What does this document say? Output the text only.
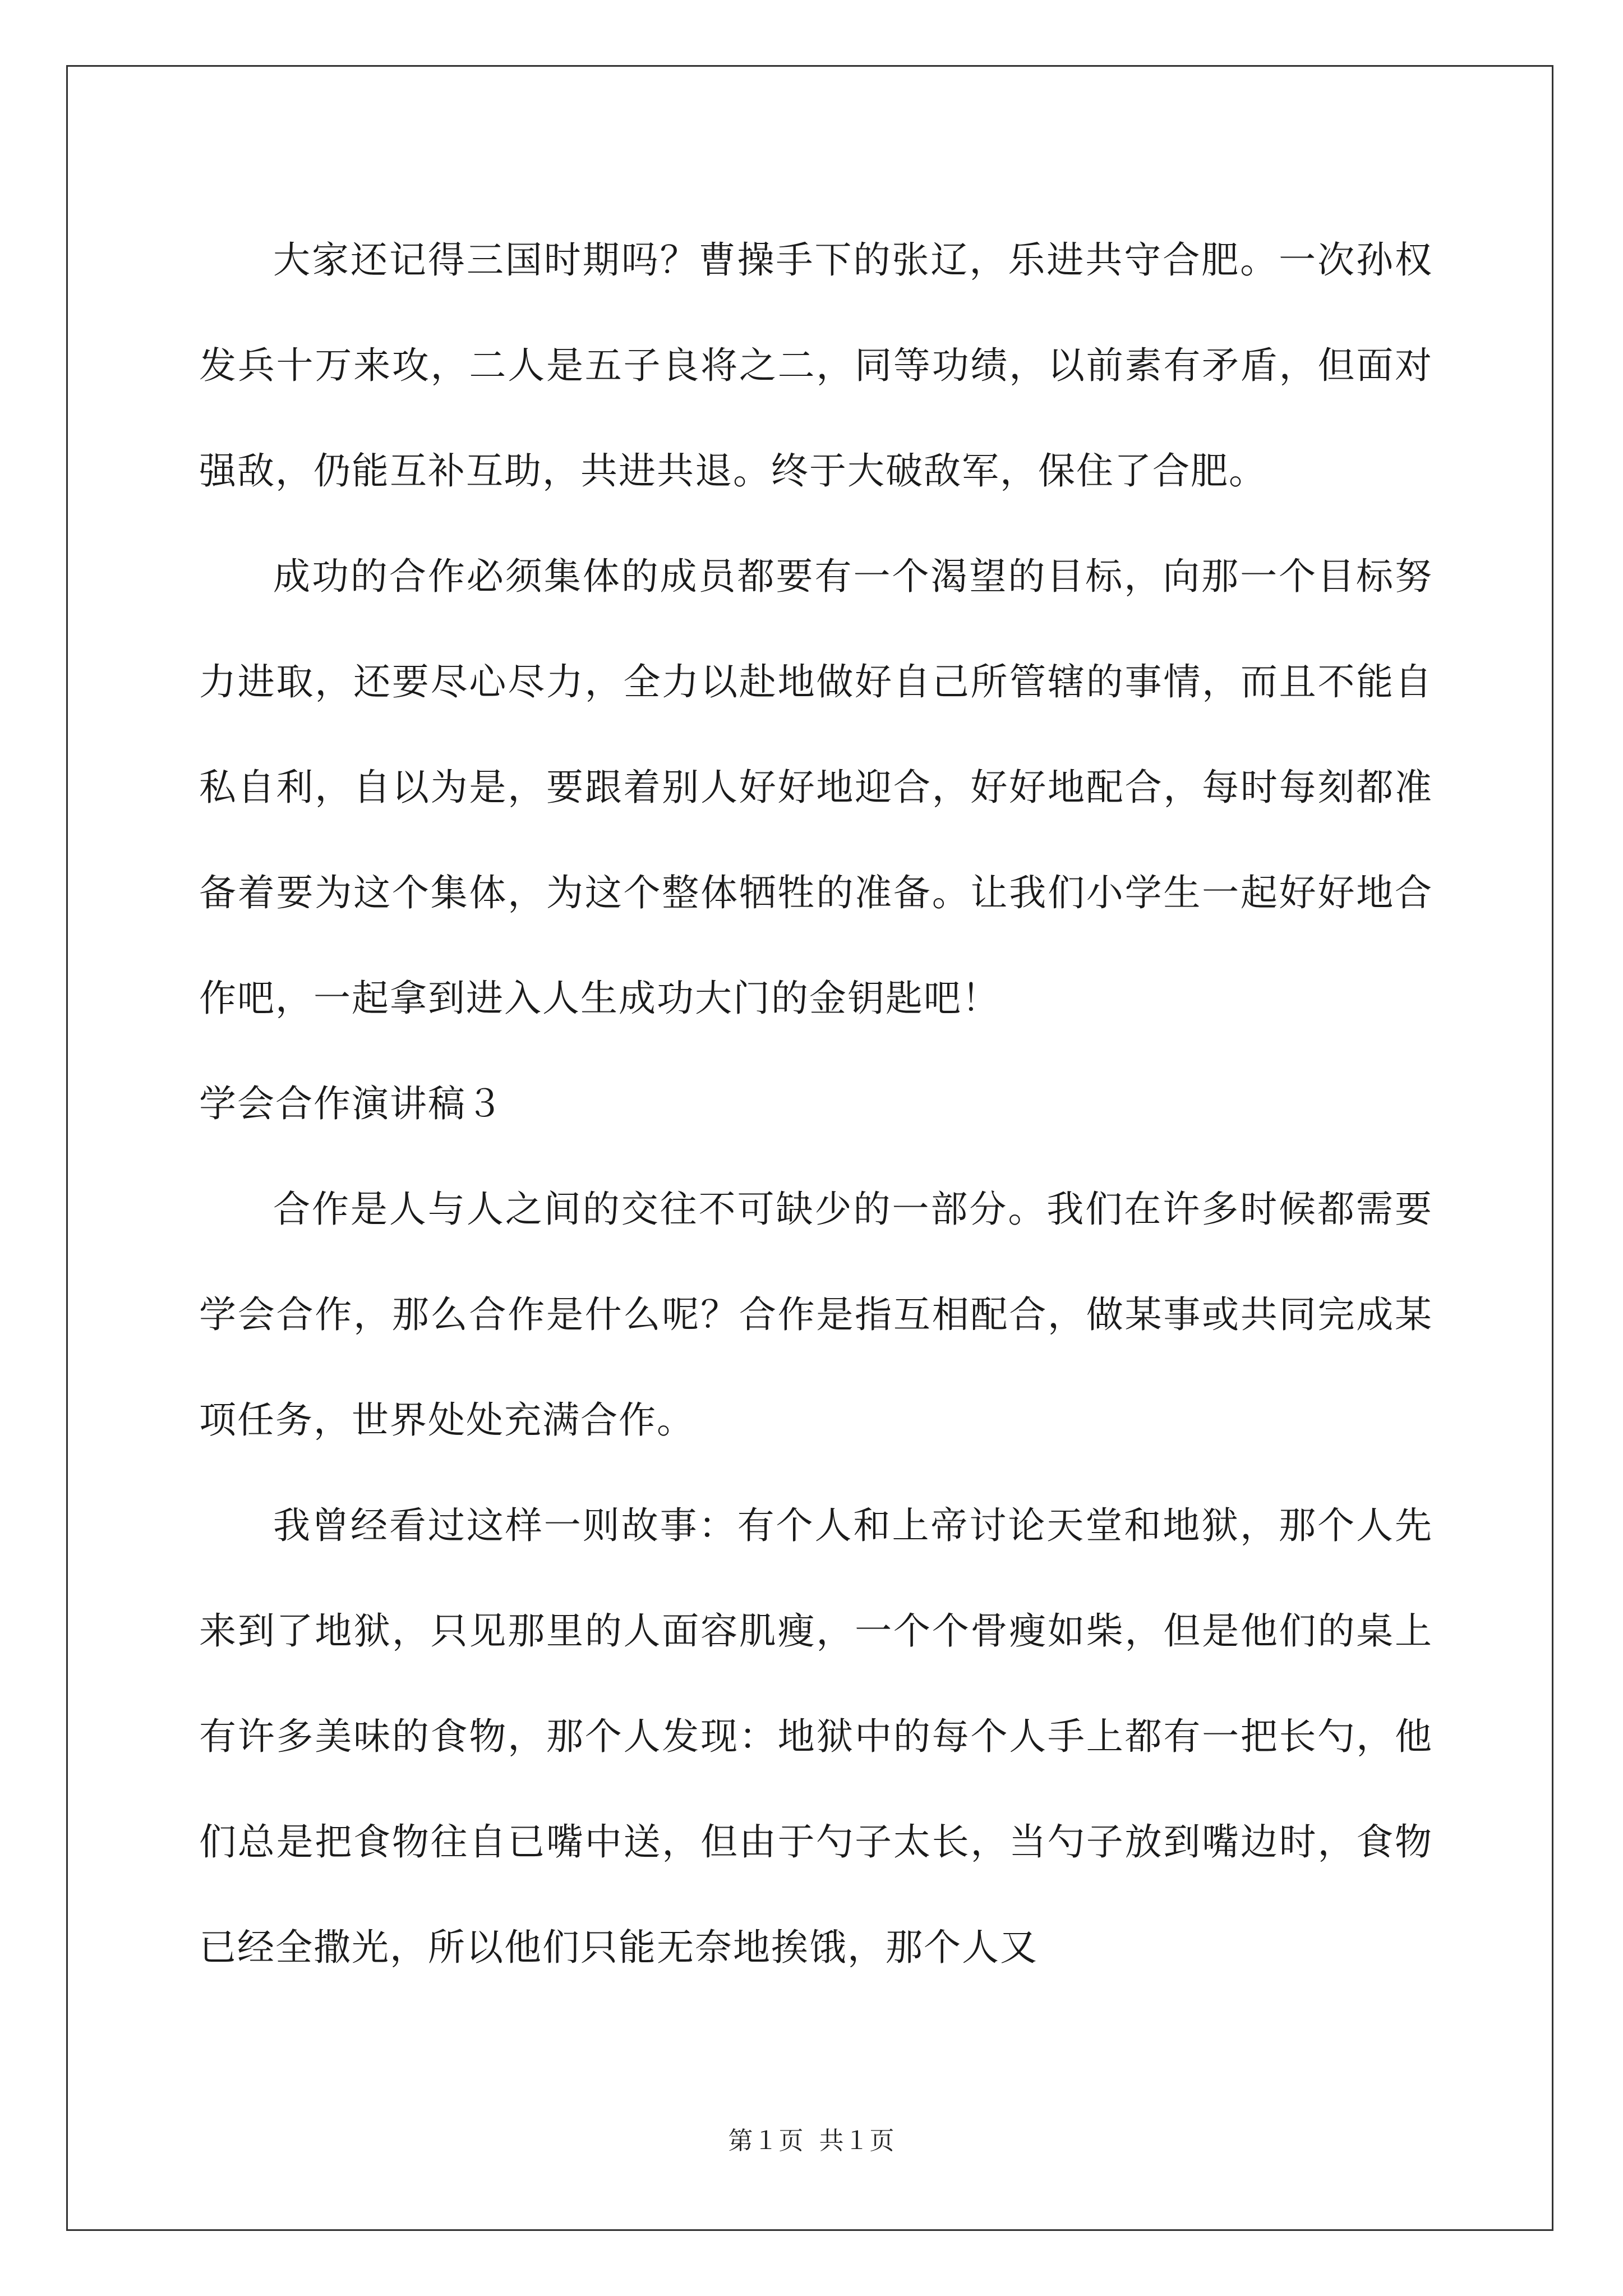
大家还记得三国时期吗？曹操手下的张辽，乐进共守合肥。一次孙权发兵十万来攻，二人是五子良将之二，同等功绩，以前素有矛盾，但面对强敌，仍能互补互助，共进共退。终于大破敌军，保住了合肥。

成功的合作必须集体的成员都要有一个渴望的目标，向那一个目标努力进取，还要尽心尽力，全力以赴地做好自己所管辖的事情，而且不能自私自利，自以为是，要跟着别人好好地迎合，好好地配合，每时每刻都准备着要为这个集体，为这个整体牺牲的准备。让我们小学生一起好好地合作吧，一起拿到进入人生成功大门的金钥匙吧！

学会合作演讲稿３

合作是人与人之间的交往不可缺少的一部分。我们在许多时候都需要学会合作，那么合作是什么呢？合作是指互相配合，做某事或共同完成某项任务，世界处处充满合作。

我曾经看过这样一则故事：有个人和上帝讨论天堂和地狱，那个人先来到了地狱，只见那里的人面容肌瘦，一个个骨瘦如柴，但是他们的桌上有许多美味的食物，那个人发现：地狱中的每个人手上都有一把长勺，他们总是把食物往自已嘴中送，但由于勺子太长，当勺子放到嘴边时，食物已经全撒光，所以他们只能无奈地挨饿，那个人又

第１页 共１页
